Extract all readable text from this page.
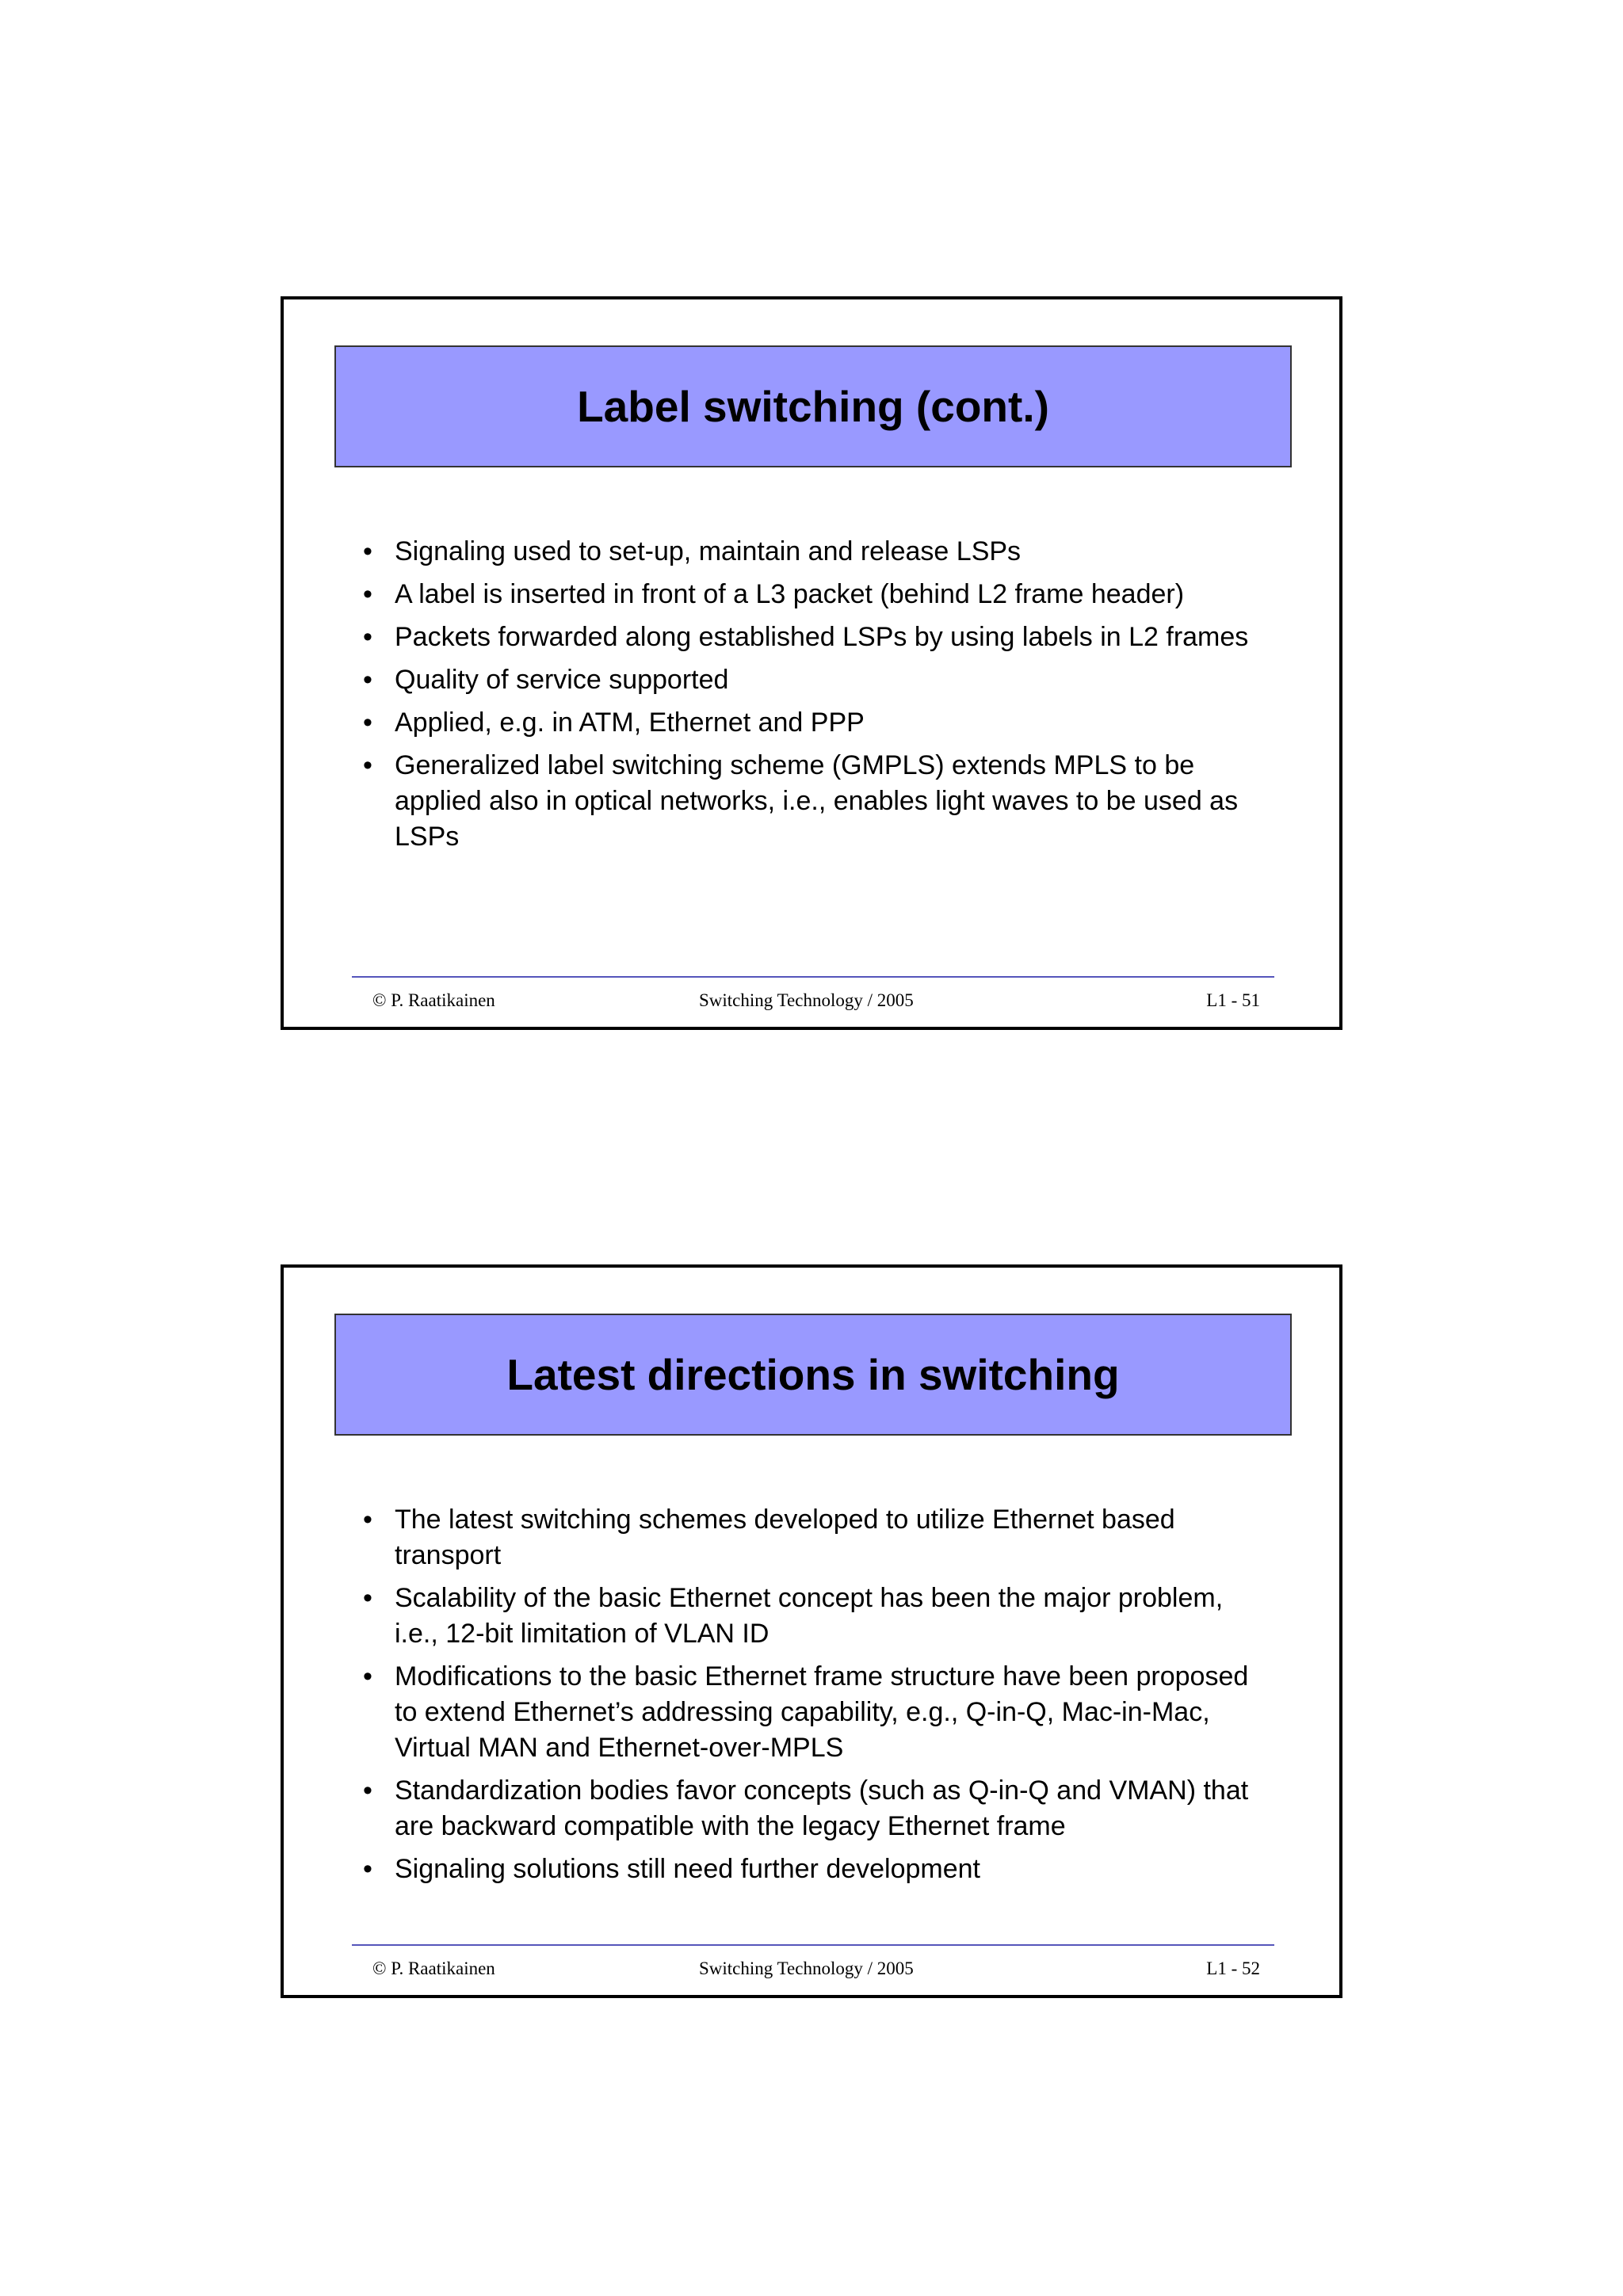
Label switching (cont.)
• Signaling used to set-up, maintain and release LSPs
• A label is inserted in front of a L3 packet (behind L2 frame header)
• Packets forwarded along established LSPs by using labels in L2 frames
• Quality of service supported
• Applied, e.g. in ATM, Ethernet and PPP
• Generalized label switching scheme (GMPLS) extends MPLS to be applied also in optical networks, i.e., enables light waves to be used as LSPs
© P. Raatikainen	Switching Technology / 2005	L1 - 51
Latest directions in switching
• The latest switching schemes developed to utilize Ethernet based transport
• Scalability of the basic Ethernet concept has been the major problem, i.e., 12-bit limitation of VLAN ID
• Modifications to the basic Ethernet frame structure have been proposed to extend Ethernet’s addressing capability, e.g., Q-in-Q, Mac-in-Mac, Virtual MAN and Ethernet-over-MPLS
• Standardization bodies favor concepts (such as Q-in-Q and VMAN) that are backward compatible with the legacy Ethernet frame
• Signaling solutions still need further development
© P. Raatikainen	Switching Technology / 2005	L1 - 52
